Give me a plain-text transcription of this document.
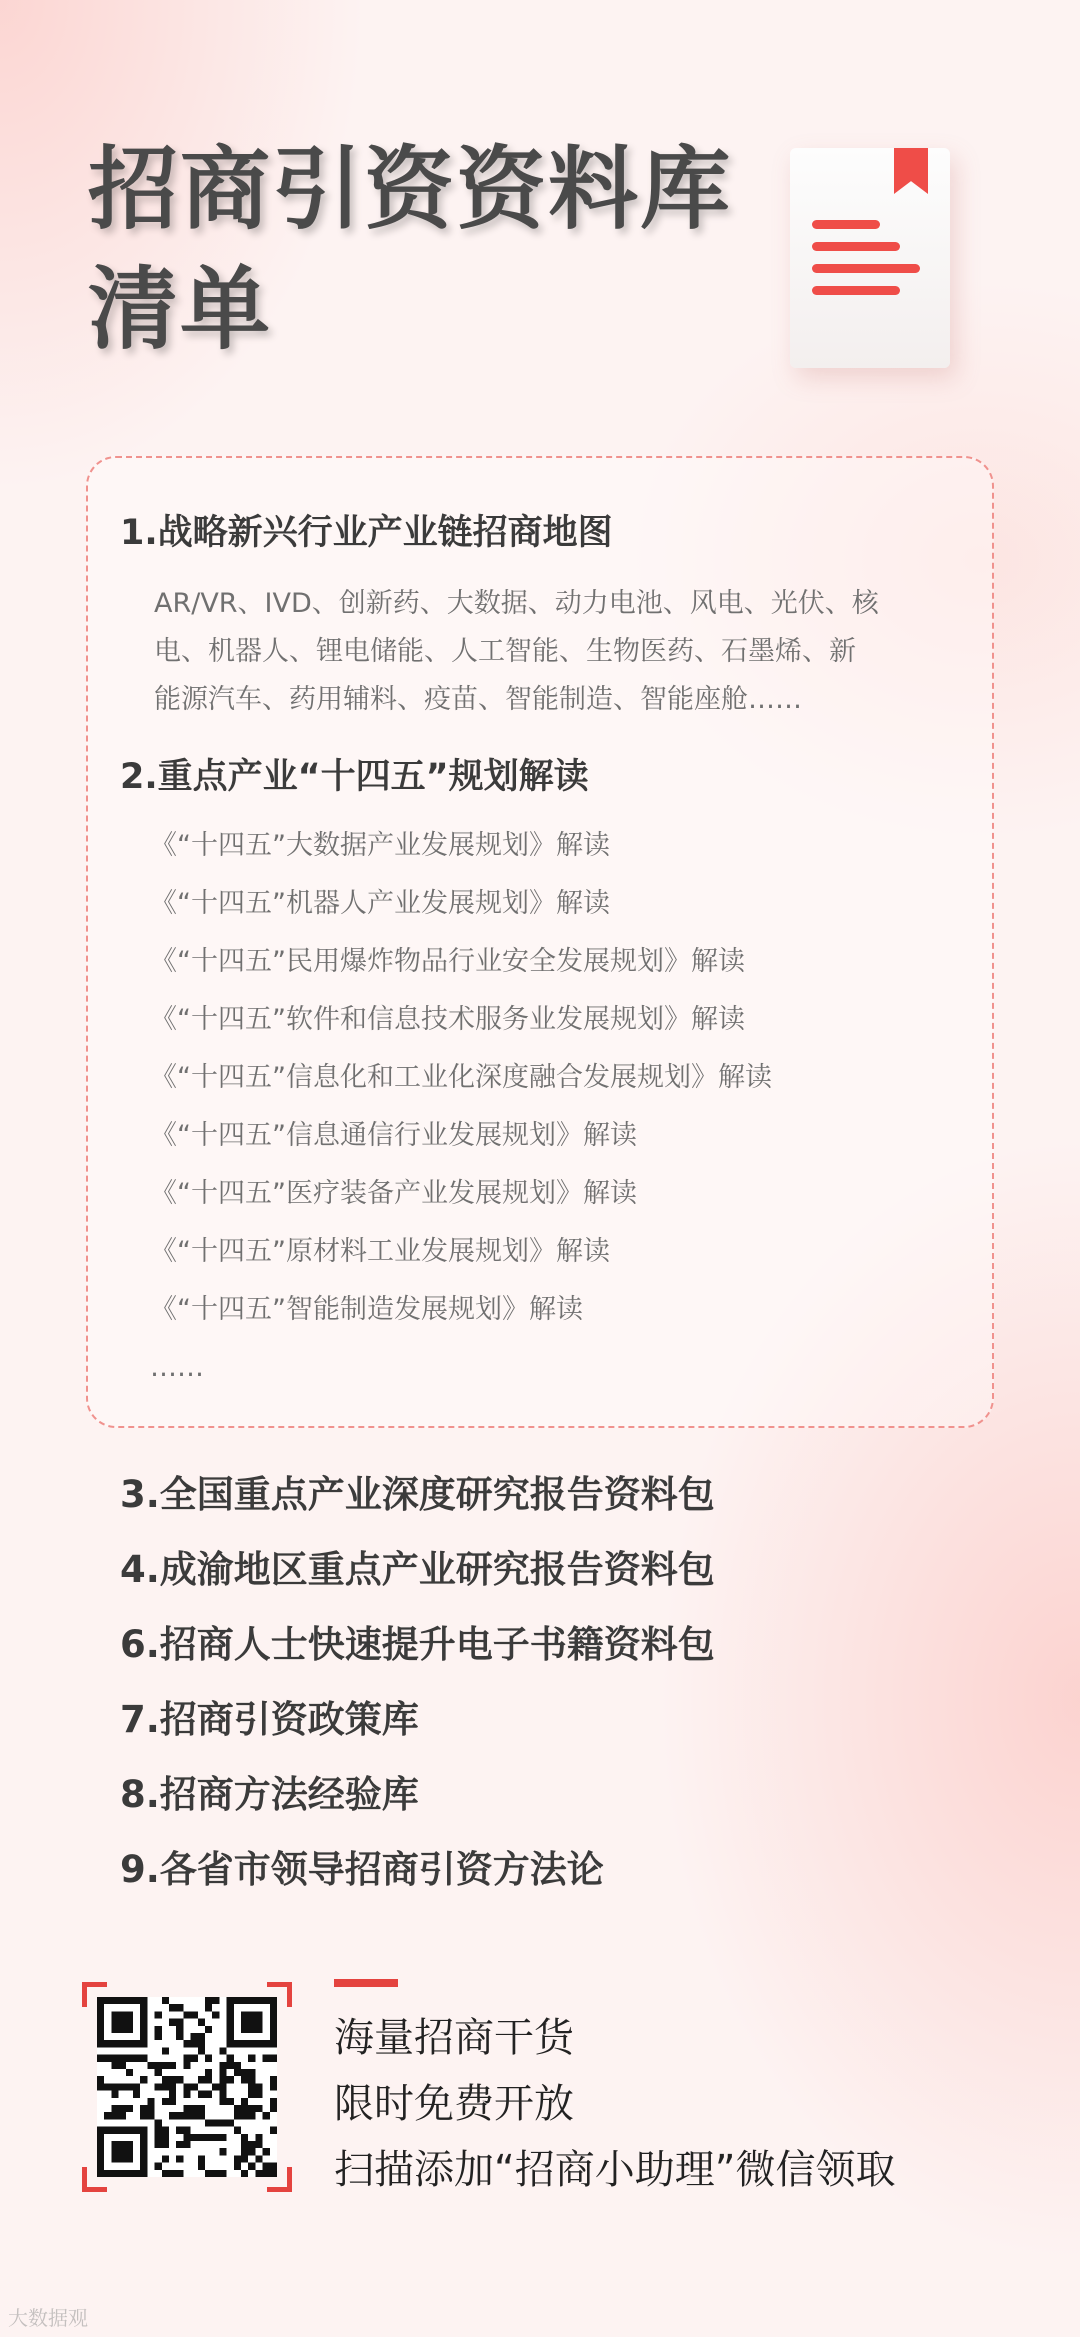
招商引资资料库
清单
1.战略新兴行业产业链招商地图
AR/VR、IVD、创新药、大数据、动力电池、风电、光伏、核
电、机器人、锂电储能、人工智能、生物医药、石墨烯、新
能源汽车、药用辅料、疫苗、智能制造、智能座舱……
2.重点产业“十四五”规划解读
《“十四五”大数据产业发展规划》解读
《“十四五”机器人产业发展规划》解读
《“十四五”民用爆炸物品行业安全发展规划》解读
《“十四五”软件和信息技术服务业发展规划》解读
《“十四五”信息化和工业化深度融合发展规划》解读
《“十四五”信息通信行业发展规划》解读
《“十四五”医疗装备产业发展规划》解读
《“十四五”原材料工业发展规划》解读
《“十四五”智能制造发展规划》解读
……
3.全国重点产业深度研究报告资料包
4.成渝地区重点产业研究报告资料包
6.招商人士快速提升电子书籍资料包
7.招商引资政策库
8.招商方法经验库
9.各省市领导招商引资方法论
海量招商干货
限时免费开放
扫描添加“招商小助理”微信领取
大数据观
